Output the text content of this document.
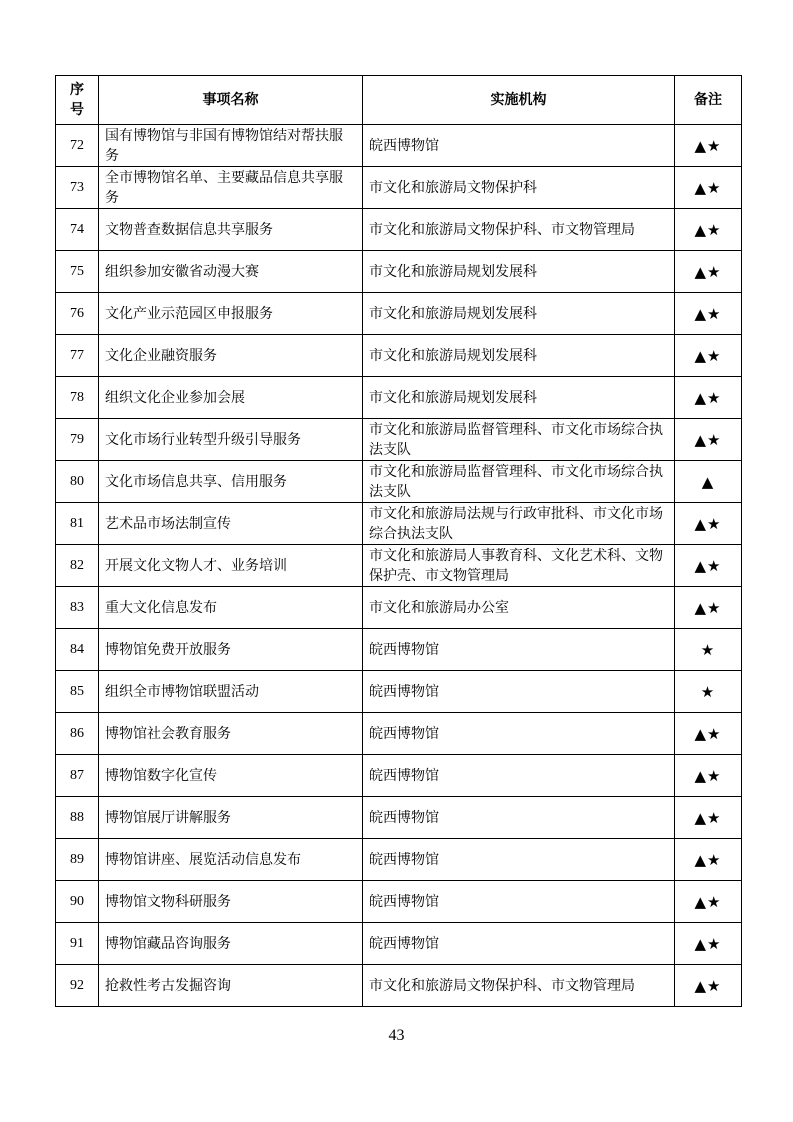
序号	事项名称	实施机构	备注
72	国有博物馆与非国有博物馆结对帮扶服务	皖西博物馆	▲★
73	全市博物馆名单、主要藏品信息共享服务	市文化和旅游局文物保护科	▲★
74	文物普查数据信息共享服务	市文化和旅游局文物保护科、市文物管理局	▲★
75	组织参加安徽省动漫大赛	市文化和旅游局规划发展科	▲★
76	文化产业示范园区申报服务	市文化和旅游局规划发展科	▲★
77	文化企业融资服务	市文化和旅游局规划发展科	▲★
78	组织文化企业参加会展	市文化和旅游局规划发展科	▲★
79	文化市场行业转型升级引导服务	市文化和旅游局监督管理科、市文化市场综合执法支队	▲★
80	文化市场信息共享、信用服务	市文化和旅游局监督管理科、市文化市场综合执法支队	▲
81	艺术品市场法制宣传	市文化和旅游局法规与行政审批科、市文化市场综合执法支队	▲★
82	开展文化文物人才、业务培训	市文化和旅游局人事教育科、文化艺术科、文物保护壳、市文物管理局	▲★
83	重大文化信息发布	市文化和旅游局办公室	▲★
84	博物馆免费开放服务	皖西博物馆	★
85	组织全市博物馆联盟活动	皖西博物馆	★
86	博物馆社会教育服务	皖西博物馆	▲★
87	博物馆数字化宣传	皖西博物馆	▲★
88	博物馆展厅讲解服务	皖西博物馆	▲★
89	博物馆讲座、展览活动信息发布	皖西博物馆	▲★
90	博物馆文物科研服务	皖西博物馆	▲★
91	博物馆藏品咨询服务	皖西博物馆	▲★
92	抢救性考古发掘咨询	市文化和旅游局文物保护科、市文物管理局	▲★
43
